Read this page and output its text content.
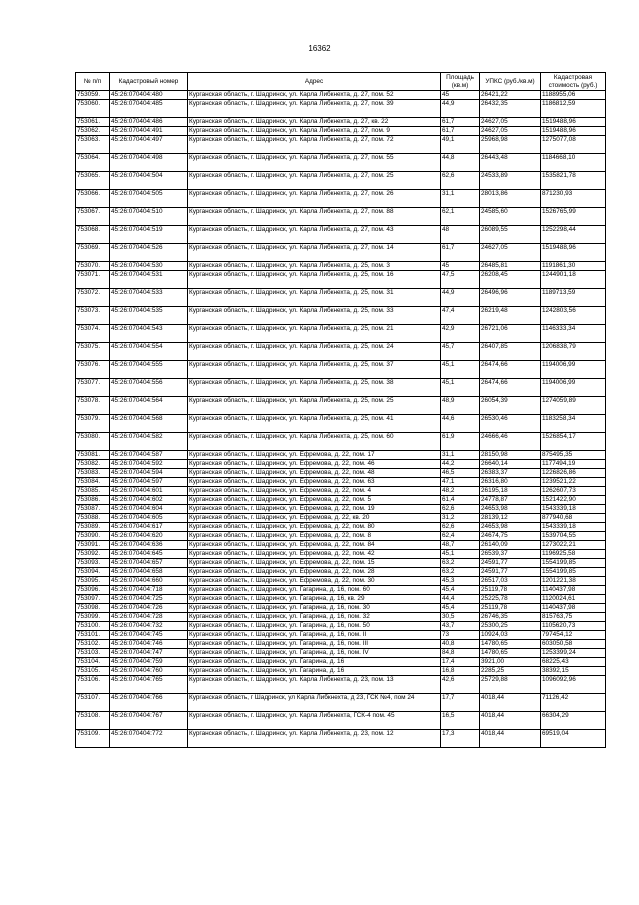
16362
№ п/п	Кадастровый номер	Адрес	Площадь (кв.м)	УПКС (руб./кв.м)	Кадастровая стоимость (руб.)
753059.	45:26:070404:480	Курганская область, г. Шадринск, ул. Карла Либкнехта, д. 27, пом. 52	45	26421,22	1188955,06
753060.	45:26:070404:485	Курганская область, г. Шадринск, ул. Карла Либкнехта, д. 27, пом. 39	44,9	26432,35	1186812,59
753061.	45:26:070404:486	Курганская область, г. Шадринск, ул. Карла Либкнехта, д. 27, кв. 22	61,7	24627,05	1519488,96
753062.	45:26:070404:491	Курганская область, г. Шадринск, ул. Карла Либкнехта, д. 27, пом. 9	61,7	24627,05	1519488,96
753063.	45:26:070404:497	Курганская область, г. Шадринск, ул. Карла Либкнехта, д. 27, пом. 72	49,1	25968,98	1275077,08
753064.	45:26:070404:498	Курганская область, г. Шадринск, ул. Карла Либкнехта, д. 27, пом. 55	44,8	26443,48	1184668,10
753065.	45:26:070404:504	Курганская область, г. Шадринск, ул. Карла Либкнехта, д. 27, пом. 25	62,6	24533,89	1535821,78
753066.	45:26:070404:505	Курганская область, г. Шадринск, ул. Карла Либкнехта, д. 27, пом. 26	31,1	28013,86	871230,93
753067.	45:26:070404:510	Курганская область, г. Шадринск, ул. Карла Либкнехта, д. 27, пом. 88	62,1	24585,60	1526765,99
753068.	45:26:070404:519	Курганская область, г. Шадринск, ул. Карла Либкнехта, д. 27, пом. 43	48	26089,55	1252298,44
753069.	45:26:070404:526	Курганская область, г. Шадринск, ул. Карла Либкнехта, д. 27, пом. 14	61,7	24627,05	1519488,96
753070.	45:26:070404:530	Курганская область, г. Шадринск, ул. Карла Либкнехта, д. 25, пом. 3	45	26485,81	1191861,30
753071.	45:26:070404:531	Курганская область, г. Шадринск, ул. Карла Либкнехта, д. 25, пом. 16	47,5	26208,45	1244901,18
753072.	45:26:070404:533	Курганская область, г. Шадринск, ул. Карла Либкнехта, д. 25, пом. 31	44,9	26496,96	1189713,59
753073.	45:26:070404:535	Курганская область, г. Шадринск, ул. Карла Либкнехта, д. 25, пом. 33	47,4	26219,48	1242803,56
753074.	45:26:070404:543	Курганская область, г. Шадринск, ул. Карла Либкнехта, д. 25, пом. 21	42,9	26721,06	1146333,34
753075.	45:26:070404:554	Курганская область, г. Шадринск, ул. Карла Либкнехта, д. 25, пом. 24	45,7	26407,85	1206838,79
753076.	45:26:070404:555	Курганская область, г. Шадринск, ул. Карла Либкнехта, д. 25, пом. 37	45,1	26474,66	1194006,99
753077.	45:26:070404:556	Курганская область, г. Шадринск, ул. Карла Либкнехта, д. 25, пом. 38	45,1	26474,66	1194006,99
753078.	45:26:070404:564	Курганская область, г. Шадринск, ул. Карла Либкнехта, д. 25, пом. 25	48,9	26054,39	1274059,89
753079.	45:26:070404:568	Курганская область, г. Шадринск, ул. Карла Либкнехта, д. 25, пом. 41	44,6	26530,46	1183258,34
753080.	45:26:070404:582	Курганская область, г. Шадринск, ул. Карла Либкнехта, д. 25, пом. 60	61,9	24666,46	1526854,17
753081.	45:26:070404:587	Курганская область, г. Шадринск, ул. Ефремова, д. 22, пом. 17	31,1	28150,98	875495,35
753082.	45:26:070404:592	Курганская область, г. Шадринск, ул. Ефремова, д. 22, пом. 46	44,2	26640,14	1177494,19
753083.	45:26:070404:594	Курганская область, г. Шадринск, ул. Ефремова, д. 22, пом. 48	46,5	26383,37	1226826,86
753084.	45:26:070404:597	Курганская область, г. Шадринск, ул. Ефремова, д. 22, пом. 63	47,1	26316,80	1239521,22
753085.	45:26:070404:601	Курганская область, г. Шадринск, ул. Ефремова, д. 22, пом. 4	48,2	26195,18	1262607,73
753086.	45:26:070404:602	Курганская область, г. Шадринск, ул. Ефремова, д. 22, пом. 5	61,4	24778,87	1521422,90
753087.	45:26:070404:604	Курганская область, г. Шадринск, ул. Ефремова, д. 22, пом. 19	62,6	24653,98	1543339,18
753088.	45:26:070404:605	Курганская область, г. Шадринск, ул. Ефремова, д. 22, кв. 20	31,2	28139,12	877940,68
753089.	45:26:070404:617	Курганская область, г. Шадринск, ул. Ефремова, д. 22, пом. 80	62,6	24653,98	1543339,18
753090.	45:26:070404:620	Курганская область, г. Шадринск, ул. Ефремова, д. 22, пом. 8	62,4	24674,75	1539704,55
753091.	45:26:070404:636	Курганская область, г. Шадринск, ул. Ефремова, д. 22, пом. 84	48,7	26140,09	1273022,21
753092.	45:26:070404:645	Курганская область, г. Шадринск, ул. Ефремова, д. 22, пом. 42	45,1	26539,37	1196925,58
753093.	45:26:070404:657	Курганская область, г. Шадринск, ул. Ефремова, д. 22, пом. 15	63,2	24591,77	1554199,85
753094.	45:26:070404:658	Курганская область, г. Шадринск, ул. Ефремова, д. 22, пом. 28	63,2	24591,77	1554199,85
753095.	45:26:070404:660	Курганская область, г. Шадринск, ул. Ефремова, д. 22, пом. 30	45,3	26517,03	1201221,38
753096.	45:26:070404:718	Курганская область, г. Шадринск, ул. Гагарина, д. 16, пом. 60	45,4	25119,78	1140437,98
753097.	45:26:070404:725	Курганская область, г. Шадринск, ул. Гагарина, д. 16, кв. 29	44,4	25225,78	1120024,61
753098.	45:26:070404:726	Курганская область, г. Шадринск, ул. Гагарина, д. 16, пом. 30	45,4	25119,78	1140437,98
753099.	45:26:070404:728	Курганская область, г. Шадринск, ул. Гагарина, д. 16, пом. 32	30,5	26746,35	815763,75
753100.	45:26:070404:732	Курганская область, г. Шадринск, ул. Гагарина, д. 16, пом. 50	43,7	25300,25	1105620,73
753101.	45:26:070404:745	Курганская область, г. Шадринск, ул. Гагарина, д. 16, пом. II	73	10924,03	797454,12
753102.	45:26:070404:746	Курганская область, г. Шадринск, ул. Гагарина, д. 16, пом. III	40,8	14780,65	603050,58
753103.	45:26:070404:747	Курганская область, г. Шадринск, ул. Гагарина, д. 16, пом. IV	84,8	14780,65	1253399,24
753104.	45:26:070404:759	Курганская область, г. Шадринск, ул. Гагарина, д. 16	17,4	3921,00	68225,43
753105.	45:26:070404:760	Курганская область, г. Шадринск, ул. Гагарина, д. 16	16,8	2285,25	38392,15
753106.	45:26:070404:765	Курганская область, г. Шадринск, ул. Карла Либкнехта, д. 23, пом. 13	42,6	25729,88	1096092,96
753107.	45:26:070404:766	Курганская область, г Шадринск, ул Карла Либкнехта, д 23, ГСК №4, пом 24	17,7	4018,44	71126,42
753108.	45:26:070404:767	Курганская область, г. Шадринск, ул. Карла Либкнехта, ГСК-4 пом. 45	16,5	4018,44	66304,29
753109.	45:26:070404:772	Курганская область, г. Шадринск, ул. Карла Либкнехта, д. 23, пом. 12	17,3	4018,44	69519,04
